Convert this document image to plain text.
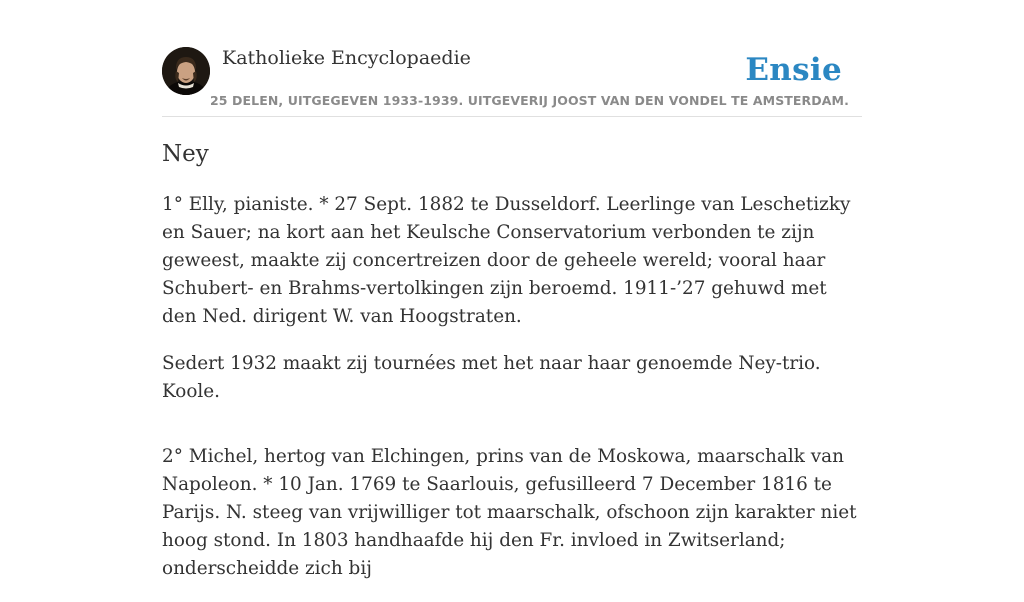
Katholieke Encyclopaedie	Ensie
25 DELEN, UITGEGEVEN 1933-1939. UITGEVERIJ JOOST VAN DEN VONDEL TE AMSTERDAM.
Ney

1° Elly, pianiste. * 27 Sept. 1882 te Dusseldorf. Leerlinge van Leschetizky en Sauer; na kort aan het Keulsche Conservatorium verbonden te zijn geweest, maakte zij concertreizen door de geheele wereld; vooral haar Schubert- en Brahms-vertolkingen zijn beroemd. 1911-’27 gehuwd met den Ned. dirigent W. van Hoogstraten.

Sedert 1932 maakt zij tournées met het naar haar genoemde Ney-trio. Koole.

2° Michel, hertog van Elchingen, prins van de Moskowa, maarschalk van Napoleon. * 10 Jan. 1769 te Saarlouis, gefusilleerd 7 December 1816 te Parijs. N. steeg van vrijwilliger tot maarschalk, ofschoon zijn karakter niet hoog stond. In 1803 handhaafde hij den Fr. invloed in Zwitserland; onderscheidde zich bij
